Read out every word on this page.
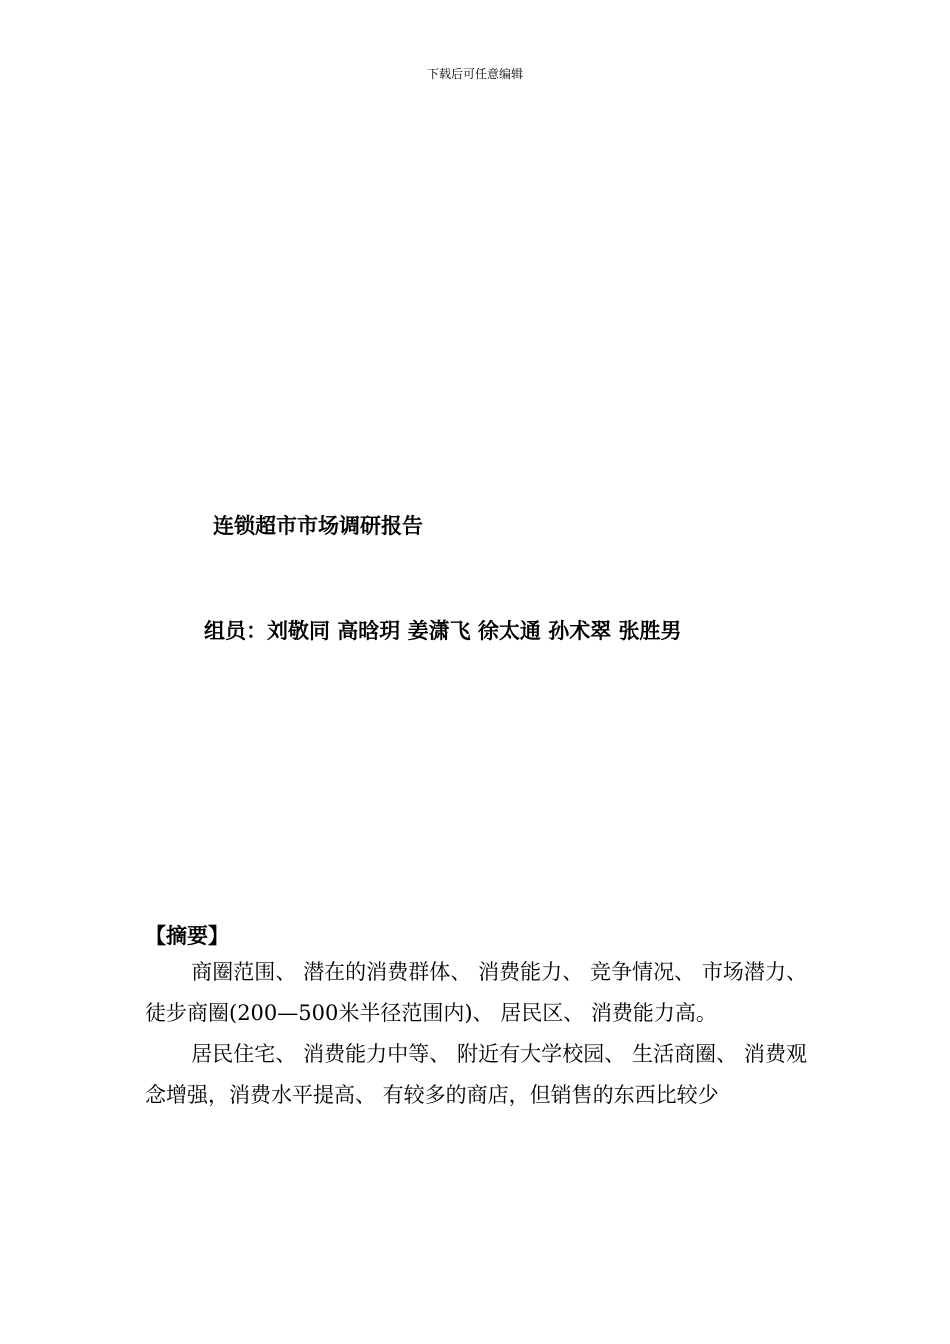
下载后可任意编辑
连锁超市市场调研报告
组员：刘敬同 高晗玥 姜潇飞 徐太通 孙术翠 张胜男
【摘要】

商圈范围、 潜在的消费群体、 消费能力、 竞争情况、 市场潜力、 徒步商圈(200—500米半径范围内)、 居民区、 消费能力高。

居民住宅、 消费能力中等、 附近有大学校园、 生活商圈、 消费观念增强，消费水平提高、 有较多的商店，但销售的东西比较少
